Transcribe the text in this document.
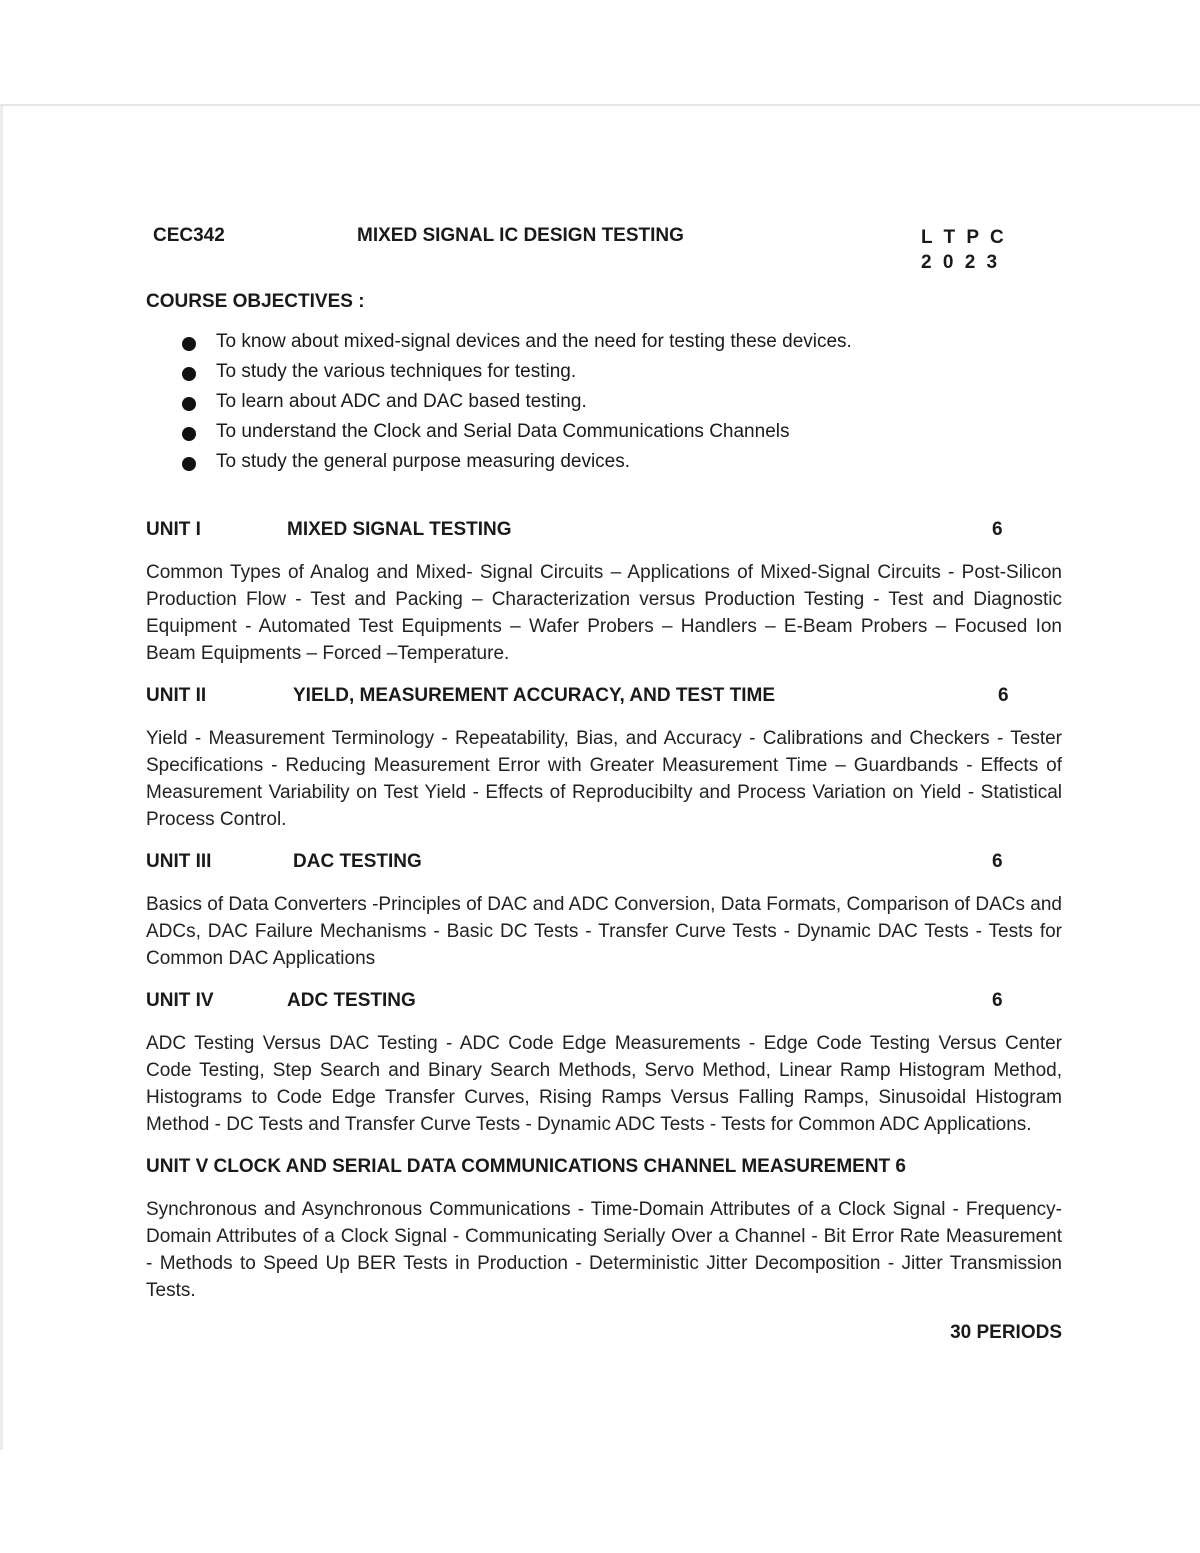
CEC342	MIXED SIGNAL IC DESIGN TESTING	L T P C
2 0 2 3
COURSE OBJECTIVES :
To know about mixed-signal devices and the need for testing these devices.
To study the various techniques for testing.
To learn about ADC and DAC based testing.
To understand the Clock and Serial Data Communications Channels
To study the general purpose measuring devices.
UNIT I	MIXED SIGNAL TESTING	6
Common Types of Analog and Mixed- Signal Circuits – Applications of Mixed-Signal Circuits - Post-Silicon Production Flow - Test and Packing – Characterization versus Production Testing - Test and Diagnostic Equipment - Automated Test Equipments – Wafer Probers – Handlers – E-Beam Probers – Focused Ion Beam Equipments – Forced –Temperature.
UNIT II	YIELD, MEASUREMENT ACCURACY, AND TEST TIME	6
Yield - Measurement Terminology - Repeatability, Bias, and Accuracy - Calibrations and Checkers - Tester Specifications - Reducing Measurement Error with Greater Measurement Time – Guardbands - Effects of Measurement Variability on Test Yield - Effects of Reproducibilty and Process Variation on Yield - Statistical Process Control.
UNIT III	DAC TESTING	6
Basics of Data Converters -Principles of DAC and ADC Conversion, Data Formats, Comparison of DACs and ADCs, DAC Failure Mechanisms - Basic DC Tests - Transfer Curve Tests - Dynamic DAC Tests - Tests for Common DAC Applications
UNIT IV	ADC TESTING	6
ADC Testing Versus DAC Testing - ADC Code Edge Measurements - Edge Code Testing Versus Center Code Testing, Step Search and Binary Search Methods, Servo Method, Linear Ramp Histogram Method, Histograms to Code Edge Transfer Curves, Rising Ramps Versus Falling Ramps, Sinusoidal Histogram Method - DC Tests and Transfer Curve Tests - Dynamic ADC Tests - Tests for Common ADC Applications.
UNIT V CLOCK AND SERIAL DATA COMMUNICATIONS CHANNEL MEASUREMENT 6
Synchronous and Asynchronous Communications - Time-Domain Attributes of a Clock Signal - Frequency-Domain Attributes of a Clock Signal - Communicating Serially Over a Channel - Bit Error Rate Measurement - Methods to Speed Up BER Tests in Production - Deterministic Jitter Decomposition - Jitter Transmission Tests.
30 PERIODS
